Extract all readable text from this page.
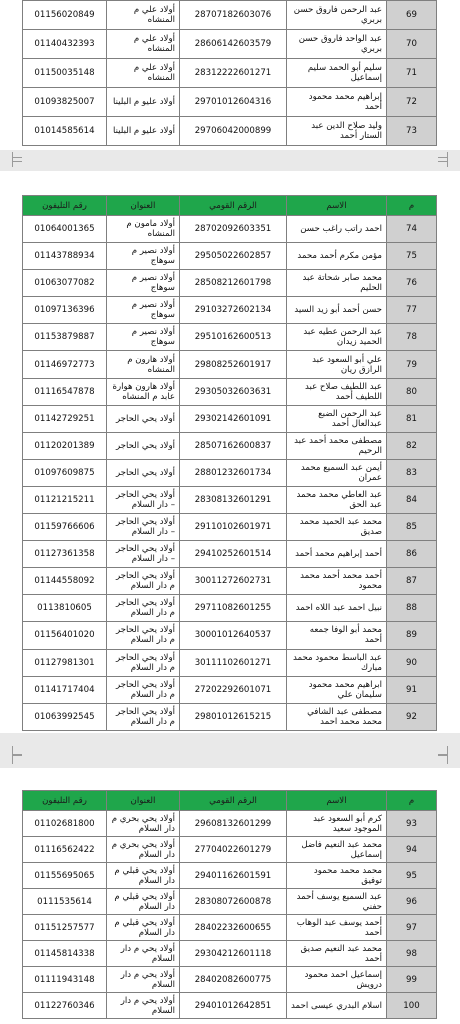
01156020849	أولاد علي م المنشاه	28707182603076	عبد الرحمن فاروق حسن بربري	69
01140432393	أولاد علي م المنشاه	28606142603579	عبد الواحد فاروق حسن بربري	70
01150035148	أولاد علي م المنشاه	28312222601271	سليم أبو الحمد سليم إسماعيل	71
01093825007	أولاد عليو م البلينا	29701012604316	إبراهيم محمد محمود أحمد	72
01014585614	أولاد عليو م البلينا	29706042000899	وليد صلاح الدين عبد الستار أحمد	73
رقم التليفون	العنوان	الرقم القومي	الاسم	م
01064001365	أولاد مامون م المنشاه	28702092603351	احمد راتب راغب حسن	74
01143788934	أولاد نصير م سوهاج	29505022602857	مؤمن مكرم أحمد محمد	75
01063077082	أولاد نصير م سوهاج	28508212601798	محمد صابر شحاتة عبد الحليم	76
01097136396	أولاد نصير م سوهاج	29103272602134	حسن أحمد أبو زيد السيد	77
01153879887	أولاد نصير م سوهاج	29510162600513	عبد الرحمن عطيه عبد الحميد زيدان	78
01146972773	أولاد هارون م المنشاه	29808252601917	علي أبو السعود عبد الرازق ريان	79
01116547878	أولاد هارون هوارة عابد م المنشاه	29305032603631	عبد اللطيف صلاح عبد اللطيف أحمد	80
01142729251	أولاد يحي الحاجر	29302142601091	عبد الرحمن الضبع عبدالعال أحمد	81
01120201389	أولاد يحي الحاجر	28507162600837	مصطفى محمد أحمد عبد الرحيم	82
01097609875	أولاد يحي الحاجر	28801232601734	أيمن عبد السميع محمد عمران	83
01121215211	أولاد يحي الحاجر – دار السلام	28308132601291	عبد العاطي محمد محمد عبد الحق	84
01159766606	أولاد يحي الحاجر – دار السلام	29110102601971	محمد عبد الحميد محمد صديق	85
01127361358	أولاد يحي الحاجر – دار السلام	29410252601514	أحمد إبراهيم محمد أحمد	86
01144558092	أولاد يحي الحاجر م دار السلام	30011272602731	أحمد محمد أحمد محمد محمود	87
0113810605	أولاد يحي الحاجر م دار السلام	29711082601255	نبيل احمد عبد اللاه احمد	88
01156401020	أولاد يحي الحاجر م دار السلام	30001012640537	محمد أبو الوفا جمعه أحمد	89
01127981301	أولاد يحي الحاجر م دار السلام	30111102601271	عبد الباسط محمود محمد مبارك	90
01141717404	أولاد يحي الحاجر م دار السلام	27202292601071	ابراهيم محمد محمود سليمان علي	91
01063992545	أولاد يحي الحاجر م دار السلام	29801012615215	مصطفى عبد الشافي محمد محمد احمد	92
رقم التليفون	العنوان	الرقم القومي	الاسم	م
01102681800	أولاد يحي بحري م دار السلام	29608132601299	كرم أبو السعود عبد الموجود سعيد	93
01116562422	أولاد يحي بحري م دار السلام	27704022601279	محمد عبد النعيم فاضل إسماعيل	94
01155695065	أولاد يحي قبلي م دار السلام	29401162601591	محمد محمد محمود توفيق	95
0111535614	أولاد يحي قبلي م دار السلام	28308072600878	عبد السميع يوسف أحمد حفني	96
01151257577	أولاد يحي قبلي م دار السلام	28402232600655	أحمد يوسف عبد الوهاب أحمد	97
01145814338	أولاد يحي م دار السلام	29304212601118	محمد عبد النعيم صديق أحمد	98
01111943148	أولاد يحي م دار السلام	28402082600775	إسماعيل احمد محمود درويش	99
01122760346	أولاد يحي م دار السلام	29401012642851	اسلام البدري عيسى احمد	100
